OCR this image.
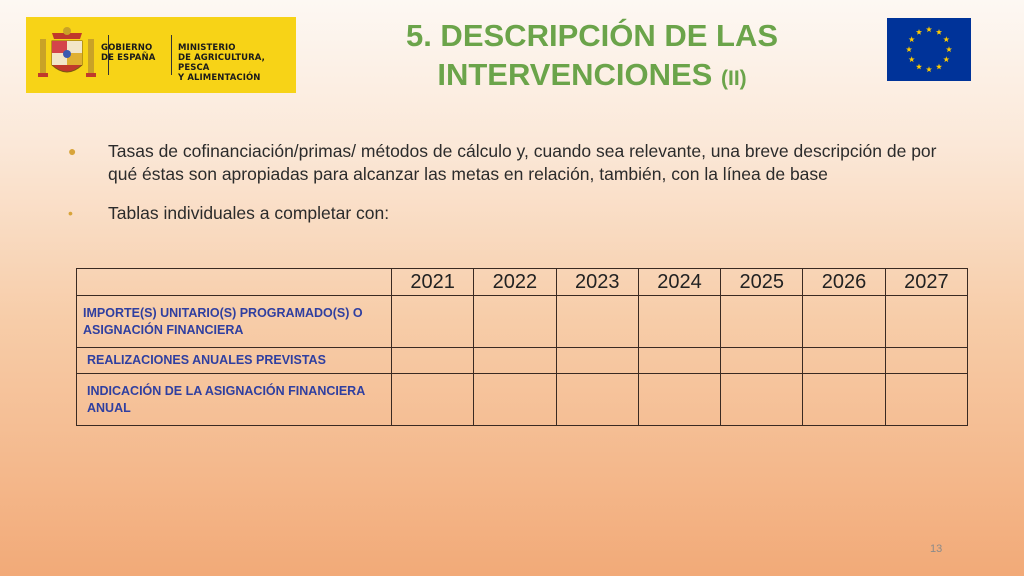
GOBIERNO
DE ESPAÑA
MINISTERIO
DE AGRICULTURA, PESCA
Y ALIMENTACIÓN
5. DESCRIPCIÓN DE LAS
INTERVENCIONES (II)
● Tasas de cofinanciación/primas/ métodos de cálculo y, cuando sea relevante, una breve descripción de por qué éstas son apropiadas para alcanzar las metas en relación, también, con la línea de base
• Tablas individuales a completar con:
	2021	2022	2023	2024	2025	2026	2027
IMPORTE(S) UNITARIO(S) PROGRAMADO(S) O ASIGNACIÓN FINANCIERA							
REALIZACIONES ANUALES PREVISTAS							
INDICACIÓN DE LA ASIGNACIÓN FINANCIERA ANUAL							
13
